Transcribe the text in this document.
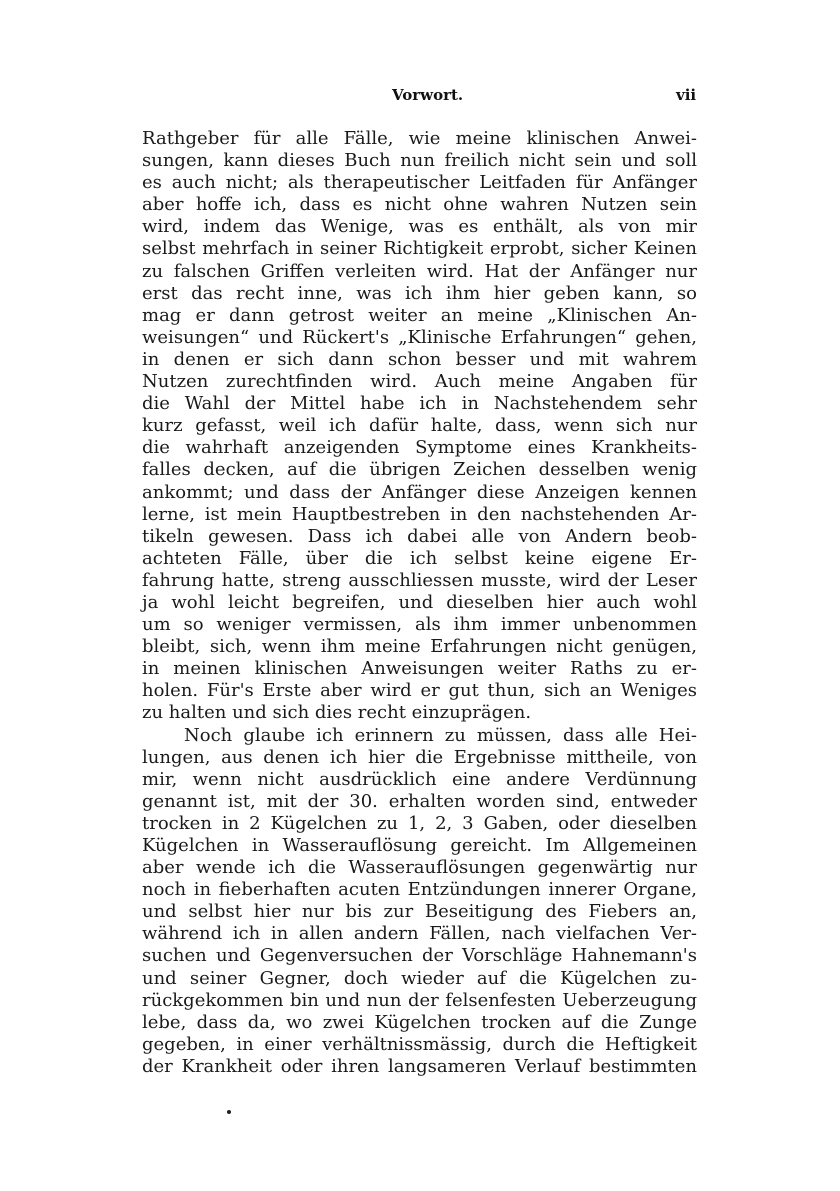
Vorwort.	vii
Rathgeber für alle Fälle, wie meine klinischen Anwei-
sungen, kann dieses Buch nun freilich nicht sein und soll
es auch nicht; als therapeutischer Leitfaden für Anfänger
aber hoffe ich, dass es nicht ohne wahren Nutzen sein
wird, indem das Wenige, was es enthält, als von mir
selbst mehrfach in seiner Richtigkeit erprobt, sicher Keinen
zu falschen Griffen verleiten wird. Hat der Anfänger nur
erst das recht inne, was ich ihm hier geben kann, so
mag er dann getrost weiter an meine „Klinischen An-
weisungen“ und Rückert's „Klinische Erfahrungen“ gehen,
in denen er sich dann schon besser und mit wahrem
Nutzen zurechtfinden wird. Auch meine Angaben für
die Wahl der Mittel habe ich in Nachstehendem sehr
kurz gefasst, weil ich dafür halte, dass, wenn sich nur
die wahrhaft anzeigenden Symptome eines Krankheits-
falles decken, auf die übrigen Zeichen desselben wenig
ankommt; und dass der Anfänger diese Anzeigen kennen
lerne, ist mein Hauptbestreben in den nachstehenden Ar-
tikeln gewesen. Dass ich dabei alle von Andern beob-
achteten Fälle, über die ich selbst keine eigene Er-
fahrung hatte, streng ausschliessen musste, wird der Leser
ja wohl leicht begreifen, und dieselben hier auch wohl
um so weniger vermissen, als ihm immer unbenommen
bleibt, sich, wenn ihm meine Erfahrungen nicht genügen,
in meinen klinischen Anweisungen weiter Raths zu er-
holen. Für's Erste aber wird er gut thun, sich an Weniges
zu halten und sich dies recht einzuprägen.
Noch glaube ich erinnern zu müssen, dass alle Hei-
lungen, aus denen ich hier die Ergebnisse mittheile, von
mir, wenn nicht ausdrücklich eine andere Verdünnung
genannt ist, mit der 30. erhalten worden sind, entweder
trocken in 2 Kügelchen zu 1, 2, 3 Gaben, oder dieselben
Kügelchen in Wasserauflösung gereicht. Im Allgemeinen
aber wende ich die Wasserauflösungen gegenwärtig nur
noch in fieberhaften acuten Entzündungen innerer Organe,
und selbst hier nur bis zur Beseitigung des Fiebers an,
während ich in allen andern Fällen, nach vielfachen Ver-
suchen und Gegenversuchen der Vorschläge Hahnemann's
und seiner Gegner, doch wieder auf die Kügelchen zu-
rückgekommen bin und nun der felsenfesten Ueberzeugung
lebe, dass da, wo zwei Kügelchen trocken auf die Zunge
gegeben, in einer verhältnissmässig, durch die Heftigkeit
der Krankheit oder ihren langsameren Verlauf bestimmten
